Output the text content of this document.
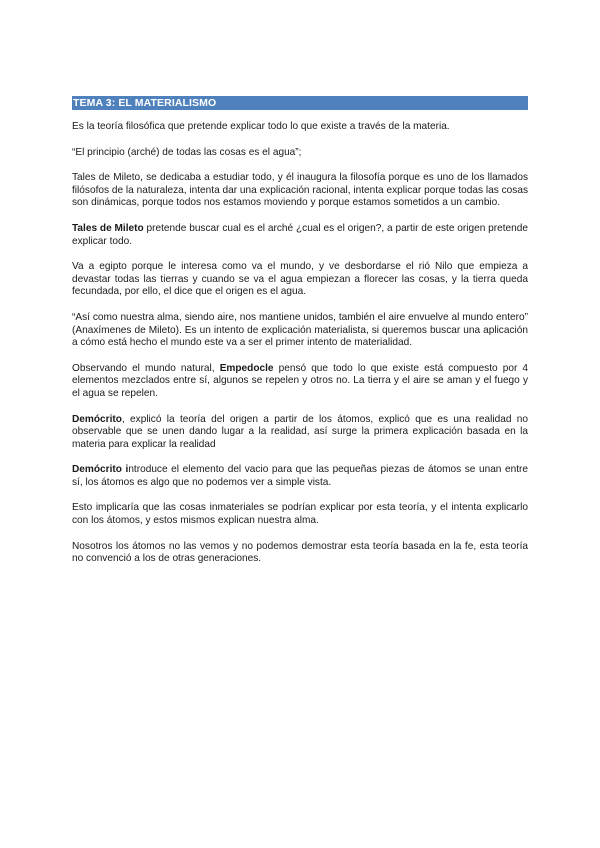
TEMA 3: EL MATERIALISMO

Es la teoría filosófica que pretende explicar todo lo que existe a través de la materia.

“El principio (arché) de todas las cosas es el agua”;

Tales de Mileto, se dedicaba a estudiar todo, y él inaugura la filosofía porque es uno de los llamados filósofos de la naturaleza, intenta dar una explicación racional, intenta explicar porque todas las cosas son dinámicas, porque todos nos estamos moviendo y porque estamos sometidos a un cambio.

Tales de Mileto pretende buscar cual es el arché ¿cual es el origen?, a partir de este origen pretende explicar todo.

Va a egipto porque le interesa como va el mundo, y ve desbordarse el rió Nilo que empieza a devastar todas las tierras y cuando se va el agua empiezan a florecer las cosas, y la tierra queda fecundada, por ello, el dice que el origen es el agua.

“Así como nuestra alma, siendo aire, nos mantiene unidos, también el aire envuelve al mundo entero” (Anaxímenes de Mileto). Es un intento de explicación materialista, si queremos buscar una aplicación a cómo está hecho el mundo este va a ser el primer intento de materialidad.

Observando el mundo natural, Empedocle pensó que todo lo que existe está compuesto por 4 elementos mezclados entre sí, algunos se repelen y otros no. La tierra y el aire se aman y el fuego y el agua se repelen.

Demócrito, explicó la teoría del origen a partir de los átomos, explicó que es una realidad no observable que se unen dando lugar a la realidad, así surge la primera explicación basada en la materia para explicar la realidad

Demócrito introduce el elemento del vacio para que las pequeñas piezas de átomos se unan entre sí, los átomos es algo que no podemos ver a simple vista.

Esto implicaría que las cosas inmateriales se podrían explicar por esta teoría, y el intenta explicarlo con los átomos, y estos mismos explican nuestra alma.

Nosotros los átomos no las vemos y no podemos demostrar esta teoría basada en la fe, esta teoría no convenció a los de otras generaciones.
